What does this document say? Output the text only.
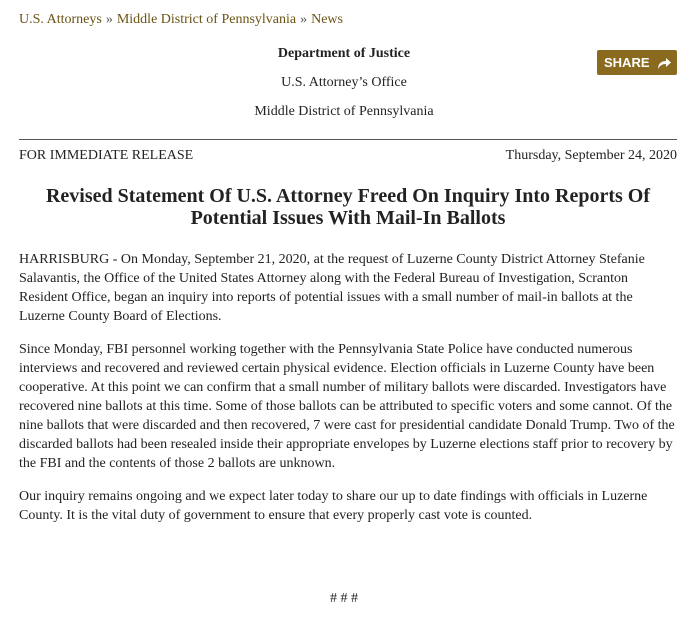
U.S. Attorneys » Middle District of Pennsylvania » News
Department of Justice
U.S. Attorney’s Office
Middle District of Pennsylvania
SHARE
FOR IMMEDIATE RELEASE	Thursday, September 24, 2020
Revised Statement Of U.S. Attorney Freed On Inquiry Into Reports Of Potential Issues With Mail-In Ballots

HARRISBURG - On Monday, September 21, 2020, at the request of Luzerne County District Attorney Stefanie Salavantis, the Office of the United States Attorney along with the Federal Bureau of Investigation, Scranton Resident Office, began an inquiry into reports of potential issues with a small number of mail-in ballots at the Luzerne County Board of Elections.

Since Monday, FBI personnel working together with the Pennsylvania State Police have conducted numerous interviews and recovered and reviewed certain physical evidence. Election officials in Luzerne County have been cooperative. At this point we can confirm that a small number of military ballots were discarded. Investigators have recovered nine ballots at this time. Some of those ballots can be attributed to specific voters and some cannot. Of the nine ballots that were discarded and then recovered, 7 were cast for presidential candidate Donald Trump. Two of the discarded ballots had been resealed inside their appropriate envelopes by Luzerne elections staff prior to recovery by the FBI and the contents of those 2 ballots are unknown.

Our inquiry remains ongoing and we expect later today to share our up to date findings with officials in Luzerne County. It is the vital duty of government to ensure that every properly cast vote is counted.

# # #
